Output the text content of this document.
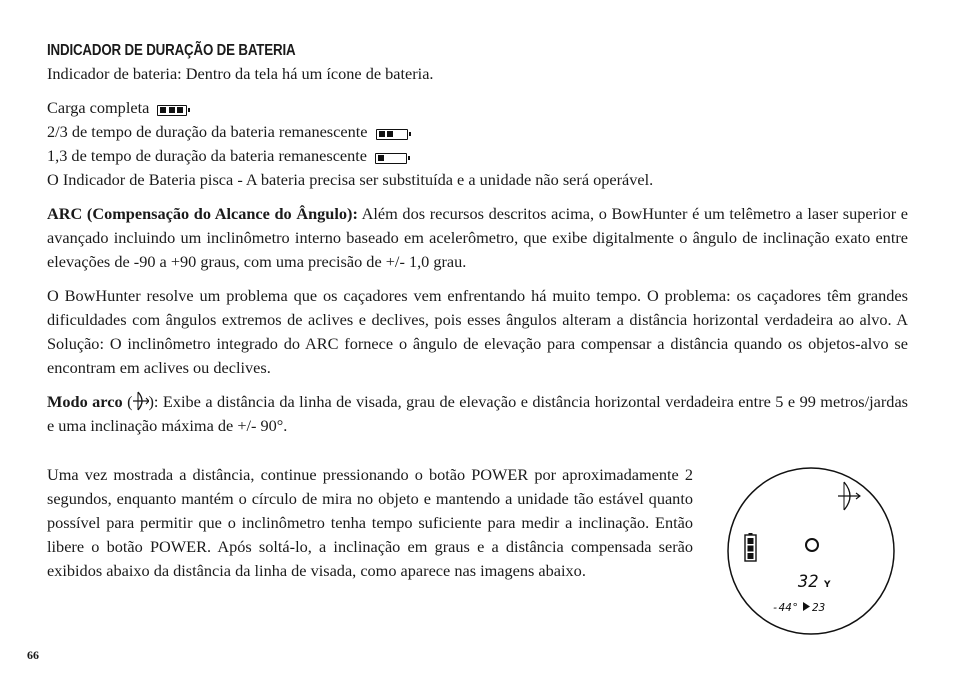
INDICADOR DE DURAÇÃO DE BATERIA

Indicador de bateria: Dentro da tela há um ícone de bateria.

Carga completa

2/3 de tempo de duração da bateria remanescente

1,3 de tempo de duração da bateria remanescente

O Indicador de Bateria pisca - A bateria precisa ser substituída e a unidade não será operável.

ARC (Compensação do Alcance do Ângulo): Além dos recursos descritos acima, o BowHunter é um telêmetro a laser superior e avançado incluindo um inclinômetro interno baseado em acelerômetro, que exibe digitalmente o ângulo de inclinação exato entre elevações de -90 a +90 graus, com uma precisão de +/- 1,0 grau.

O BowHunter resolve um problema que os caçadores vem enfrentando há muito tempo. O problema: os caçadores têm grandes dificuldades com ângulos extremos de aclives e declives, pois esses ângulos alteram a distância horizontal verdadeira ao alvo. A Solução: O inclinômetro integrado do ARC fornece o ângulo de elevação para compensar a distância quando os objetos-alvo se encontram em aclives ou declives.

Modo arco ( ): Exibe a distância da linha de visada, grau de elevação e distância horizontal verdadeira entre 5 e 99 metros/jardas e uma inclinação máxima de +/- 90°.

Uma vez mostrada a distância, continue pressionando o botão POWER por aproximadamente 2 segundos, enquanto mantém o círculo de mira no objeto e mantendo a unidade tão estável quanto possível para permitir que o inclinômetro tenha tempo suficiente para medir a inclinação. Então libere o botão POWER. Após soltá-lo, a inclinação em graus e a distância compensada serão exibidos abaixo da distância da linha de visada, como aparece nas imagens abaixo.

32 Y
-44° 23
66
